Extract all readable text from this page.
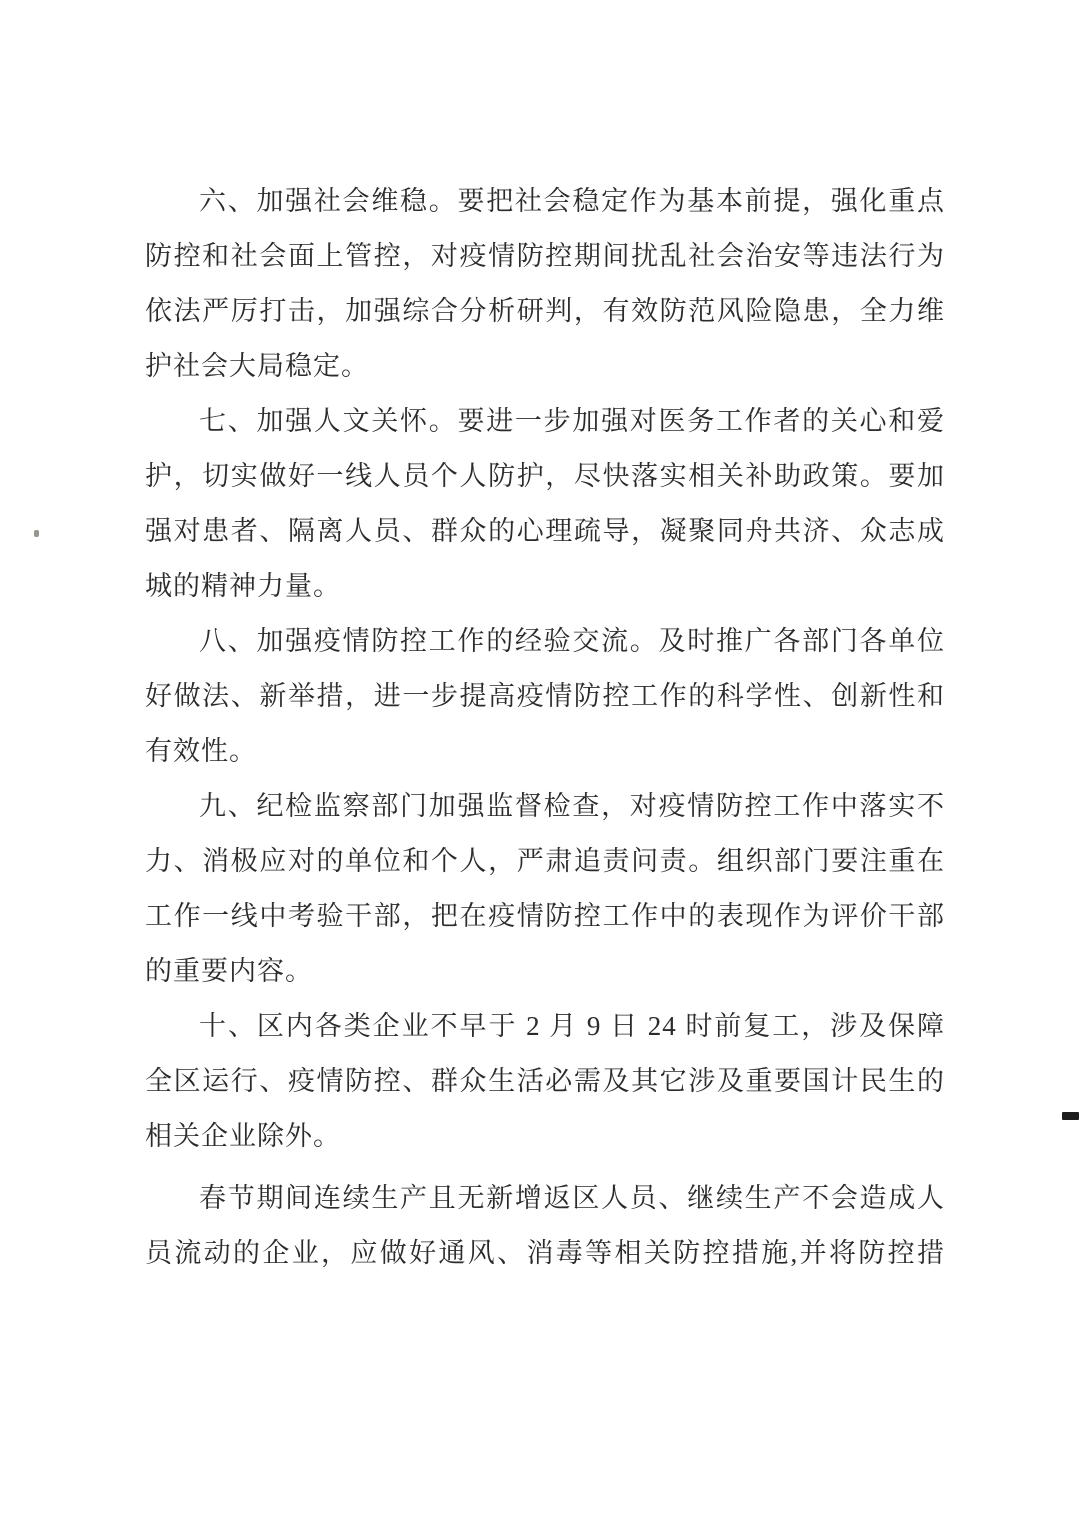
六、加强社会维稳。要把社会稳定作为基本前提，强化重点
防控和社会面上管控，对疫情防控期间扰乱社会治安等违法行为
依法严厉打击，加强综合分析研判，有效防范风险隐患，全力维
护社会大局稳定。
七、加强人文关怀。要进一步加强对医务工作者的关心和爱
护，切实做好一线人员个人防护，尽快落实相关补助政策。要加
强对患者、隔离人员、群众的心理疏导，凝聚同舟共济、众志成
城的精神力量。
八、加强疫情防控工作的经验交流。及时推广各部门各单位
好做法、新举措，进一步提高疫情防控工作的科学性、创新性和
有效性。
九、纪检监察部门加强监督检查，对疫情防控工作中落实不
力、消极应对的单位和个人，严肃追责问责。组织部门要注重在
工作一线中考验干部，把在疫情防控工作中的表现作为评价干部
的重要内容。
十、区内各类企业不早于 2 月 9 日 24 时前复工，涉及保障
全区运行、疫情防控、群众生活必需及其它涉及重要国计民生的
相关企业除外。
春节期间连续生产且无新增返区人员、继续生产不会造成人
员流动的企业，应做好通风、消毒等相关防控措施,并将防控措
